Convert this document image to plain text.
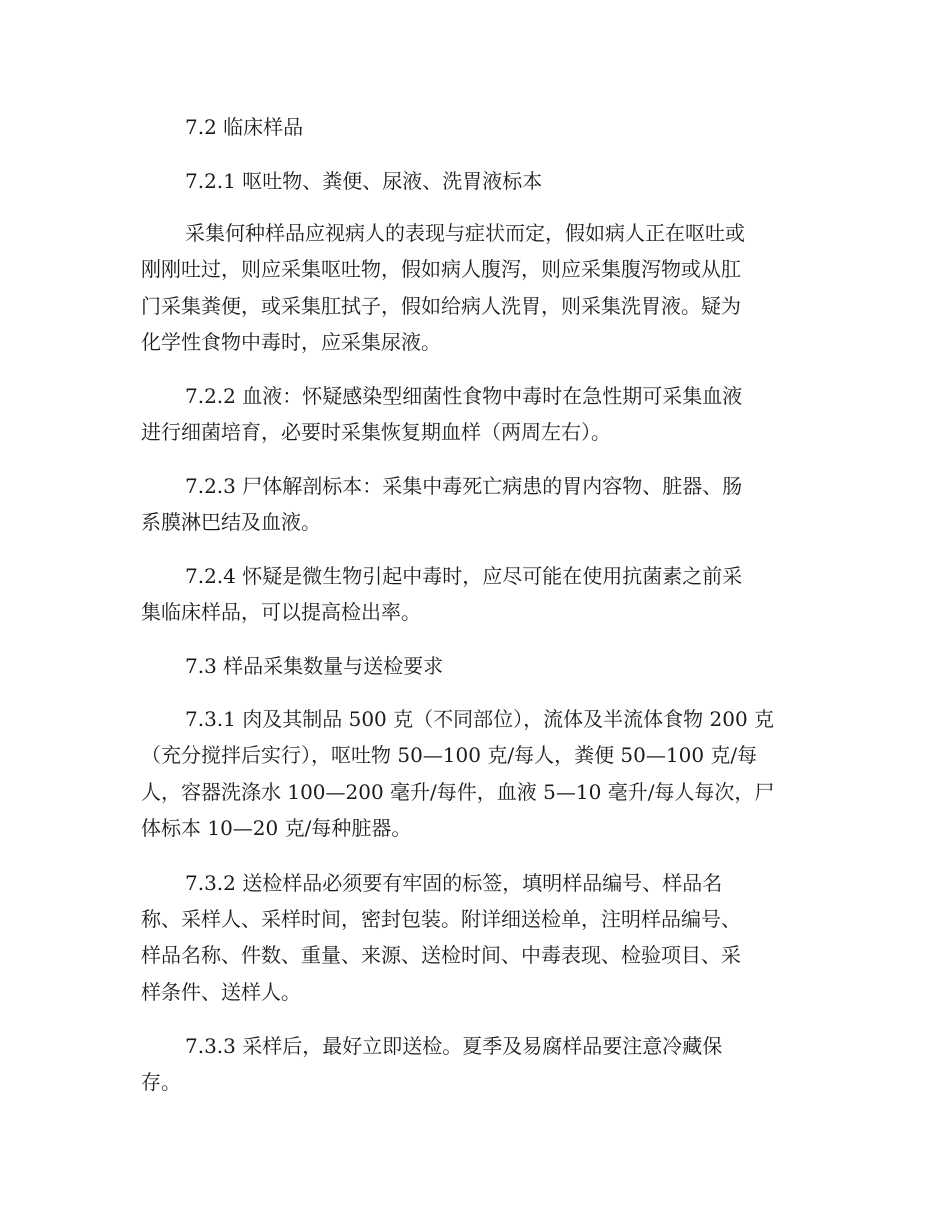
7.2 临床样品
7.2.1 呕吐物、粪便、尿液、洗胃液标本
采集何种样品应视病人的表现与症状而定，假如病人正在呕吐或
刚刚吐过，则应采集呕吐物，假如病人腹泻，则应采集腹泻物或从肛
门采集粪便，或采集肛拭子，假如给病人洗胃，则采集洗胃液。疑为
化学性食物中毒时，应采集尿液。
7.2.2 血液：怀疑感染型细菌性食物中毒时在急性期可采集血液
进行细菌培育，必要时采集恢复期血样（两周左右）。
7.2.3 尸体解剖标本：采集中毒死亡病患的胃内容物、脏器、肠
系膜淋巴结及血液。
7.2.4 怀疑是微生物引起中毒时，应尽可能在使用抗菌素之前采
集临床样品，可以提高检出率。
7.3 样品采集数量与送检要求
7.3.1 肉及其制品 500 克（不同部位），流体及半流体食物 200 克
（充分搅拌后实行），呕吐物 50—100 克/每人，粪便 50—100 克/每
人，容器洗涤水 100—200 毫升/每件，血液 5—10 毫升/每人每次，尸
体标本 10—20 克/每种脏器。
7.3.2 送检样品必须要有牢固的标签，填明样品编号、样品名
称、采样人、采样时间，密封包装。附详细送检单，注明样品编号、
样品名称、件数、重量、来源、送检时间、中毒表现、检验项目、采
样条件、送样人。
7.3.3 采样后，最好立即送检。夏季及易腐样品要注意冷藏保
存。
